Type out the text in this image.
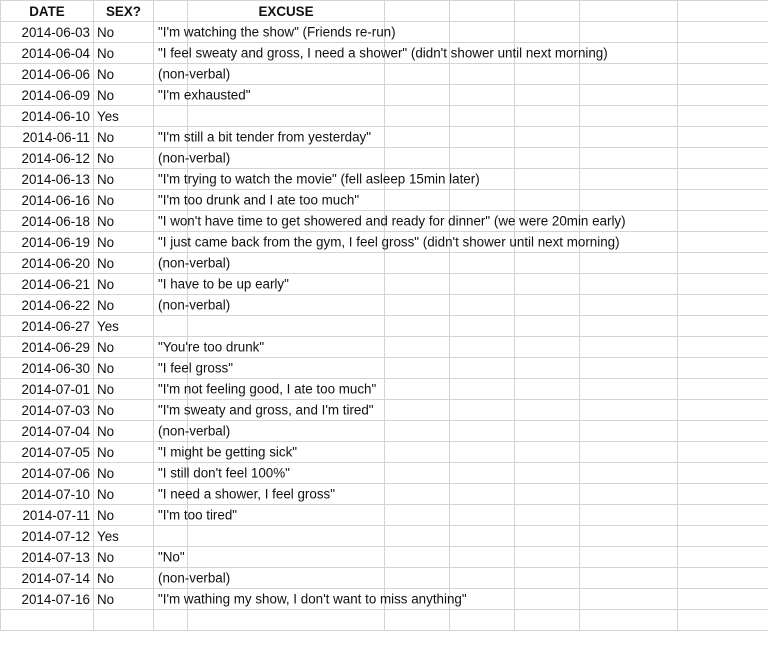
DATE	SEX?		EXCUSE					
2014-06-03	No	"I'm watching the show" (Friends re-run)						

2014-06-04	No	"I feel sweaty and gross, I need a shower" (didn't shower until next morning)						

2014-06-06	No	(non-verbal)						

2014-06-09	No	"I'm exhausted"						

2014-06-10	Yes	

2014-06-11	No	"I'm still a bit tender from yesterday"						

2014-06-12	No	(non-verbal)						

2014-06-13	No	"I'm trying to watch the movie" (fell asleep 15min later)						

2014-06-16	No	"I'm too drunk and I ate too much"						

2014-06-18	No	"I won't have time to get showered and ready for dinner" (we were 20min early)						

2014-06-19	No	"I just came back from the gym, I feel gross" (didn't shower until next morning)						

2014-06-20	No	(non-verbal)						

2014-06-21	No	"I have to be up early"						

2014-06-22	No	(non-verbal)						

2014-06-27	Yes	

2014-06-29	No	"You're too drunk"						

2014-06-30	No	"I feel gross"						

2014-07-01	No	"I'm not feeling good, I ate too much"						

2014-07-03	No	"I'm sweaty and gross, and I'm tired"						

2014-07-04	No	(non-verbal)						

2014-07-05	No	"I might be getting sick"						

2014-07-06	No	"I still don't feel 100%"						

2014-07-10	No	"I need a shower, I feel gross"						

2014-07-11	No	"I'm too tired"						

2014-07-12	Yes	

2014-07-13	No	"No"						

2014-07-14	No	(non-verbal)						

2014-07-16	No	"I'm wathing my show, I don't want to miss anything"						
